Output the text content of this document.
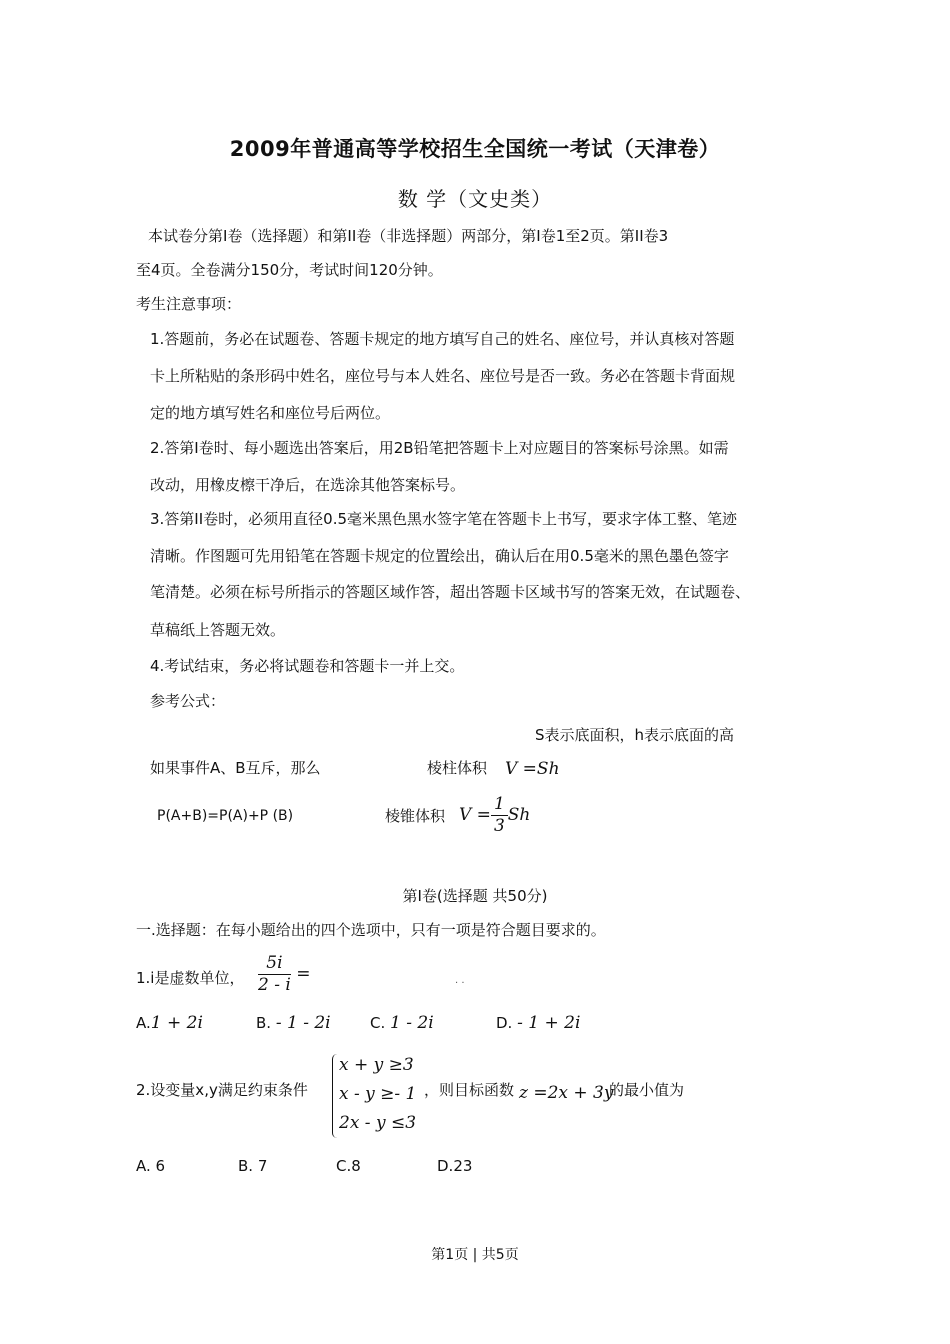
2009年普通高等学校招生全国统一考试（天津卷）
数 学（文史类）
本试卷分第I卷（选择题）和第II卷（非选择题）两部分，第I卷1至2页。第II卷3
至4页。全卷满分150分，考试时间120分钟。
考生注意事项：
1.答题前，务必在试题卷、答题卡规定的地方填写自己的姓名、座位号，并认真核对答题
卡上所粘贴的条形码中姓名，座位号与本人姓名、座位号是否一致。务必在答题卡背面规
定的地方填写姓名和座位号后两位。
2.答第I卷时、每小题选出答案后，用2B铅笔把答题卡上对应题目的答案标号涂黑。如需
改动，用橡皮檫干净后，在选涂其他答案标号。
3.答第II卷时，必须用直径0.5毫米黑色黑水签字笔在答题卡上书写，要求字体工整、笔迹
清晰。作图题可先用铅笔在答题卡规定的位置绘出，确认后在用0.5毫米的黑色墨色签字
笔清楚。必须在标号所指示的答题区域作答，超出答题卡区域书写的答案无效，在试题卷、
草稿纸上答题无效。
4.考试结束，务必将试题卷和答题卡一并上交。
参考公式：
S表示底面积，h表示底面的高
如果事件A、B互斥，那么	棱柱体积 V =Sh
P(A+B)=P(A)+P (B)	棱锥体积 $V = \frac{1}{3}$ Sh
第I卷(选择题 共50分)
一.选择题：在每小题给出的四个选项中，只有一项是符合题目要求的。
1.i是虚数单位， $\frac{5i}{2 - i}$ =	. .
A.1 + 2i	B. - 1 - 2i	C. 1 - 2i	D. - 1 + 2i
2.设变量x,y满足约束条件
x + y ≥3
x - y ≥- 1
2x - y ≤3
，则目标函数 z =2x + 3y
的最小值为
A. 6	B. 7	C.8	D.23
第1页 | 共5页
